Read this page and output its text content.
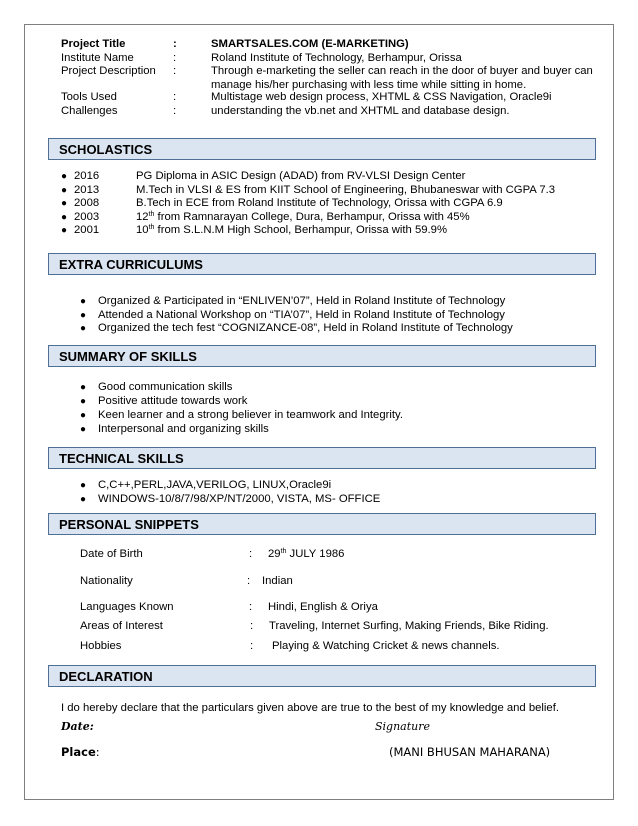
Project Title	:	SMARTSALES.COM (E-MARKETING)
Institute Name	:	Roland Institute of Technology, Berhampur, Orissa
Project Description :	Through e-marketing the seller can reach in the door of buyer and buyer can
manage his/her purchasing with less time while sitting in home.
Tools Used	:	Multistage web design process, XHTML & CSS Navigation, Oracle9i
Challenges	:	understanding the vb.net and XHTML and database design.
SCHOLASTICS
● 2016	PG Diploma in ASIC Design (ADAD) from RV-VLSI Design Center
● 2013	M.Tech in VLSI & ES from KIIT School of Engineering, Bhubaneswar with CGPA 7.3
● 2008	B.Tech in ECE from Roland Institute of Technology, Orissa with CGPA 6.9
● 2003	12th from Ramnarayan College, Dura, Berhampur, Orissa with 45%
● 2001	10th from S.L.N.M High School, Berhampur, Orissa with 59.9%
EXTRA CURRICULUMS
● Organized & Participated in “ENLIVEN’07”, Held in Roland Institute of Technology
● Attended a National Workshop on “TIA’07”, Held in Roland Institute of Technology
● Organized the tech fest “COGNIZANCE-08”, Held in Roland Institute of Technology
SUMMARY OF SKILLS
● Good communication skills
● Positive attitude towards work
● Keen learner and a strong believer in teamwork and Integrity.
● Interpersonal and organizing skills
TECHNICAL SKILLS
● C,C++,PERL,JAVA,VERILOG, LINUX,Oracle9i
● WINDOWS-10/8/7/98/XP/NT/2000, VISTA, MS- OFFICE
PERSONAL SNIPPETS
Date of Birth	: 29th JULY 1986
Nationality	: Indian
Languages Known	: Hindi, English & Oriya
Areas of Interest	: Traveling, Internet Surfing, Making Friends, Bike Riding.
Hobbies	: Playing & Watching Cricket & news channels.
DECLARATION
I do hereby declare that the particulars given above are true to the best of my knowledge and belief.
Date:	Signature
Place:	(MANI BHUSAN MAHARANA)
